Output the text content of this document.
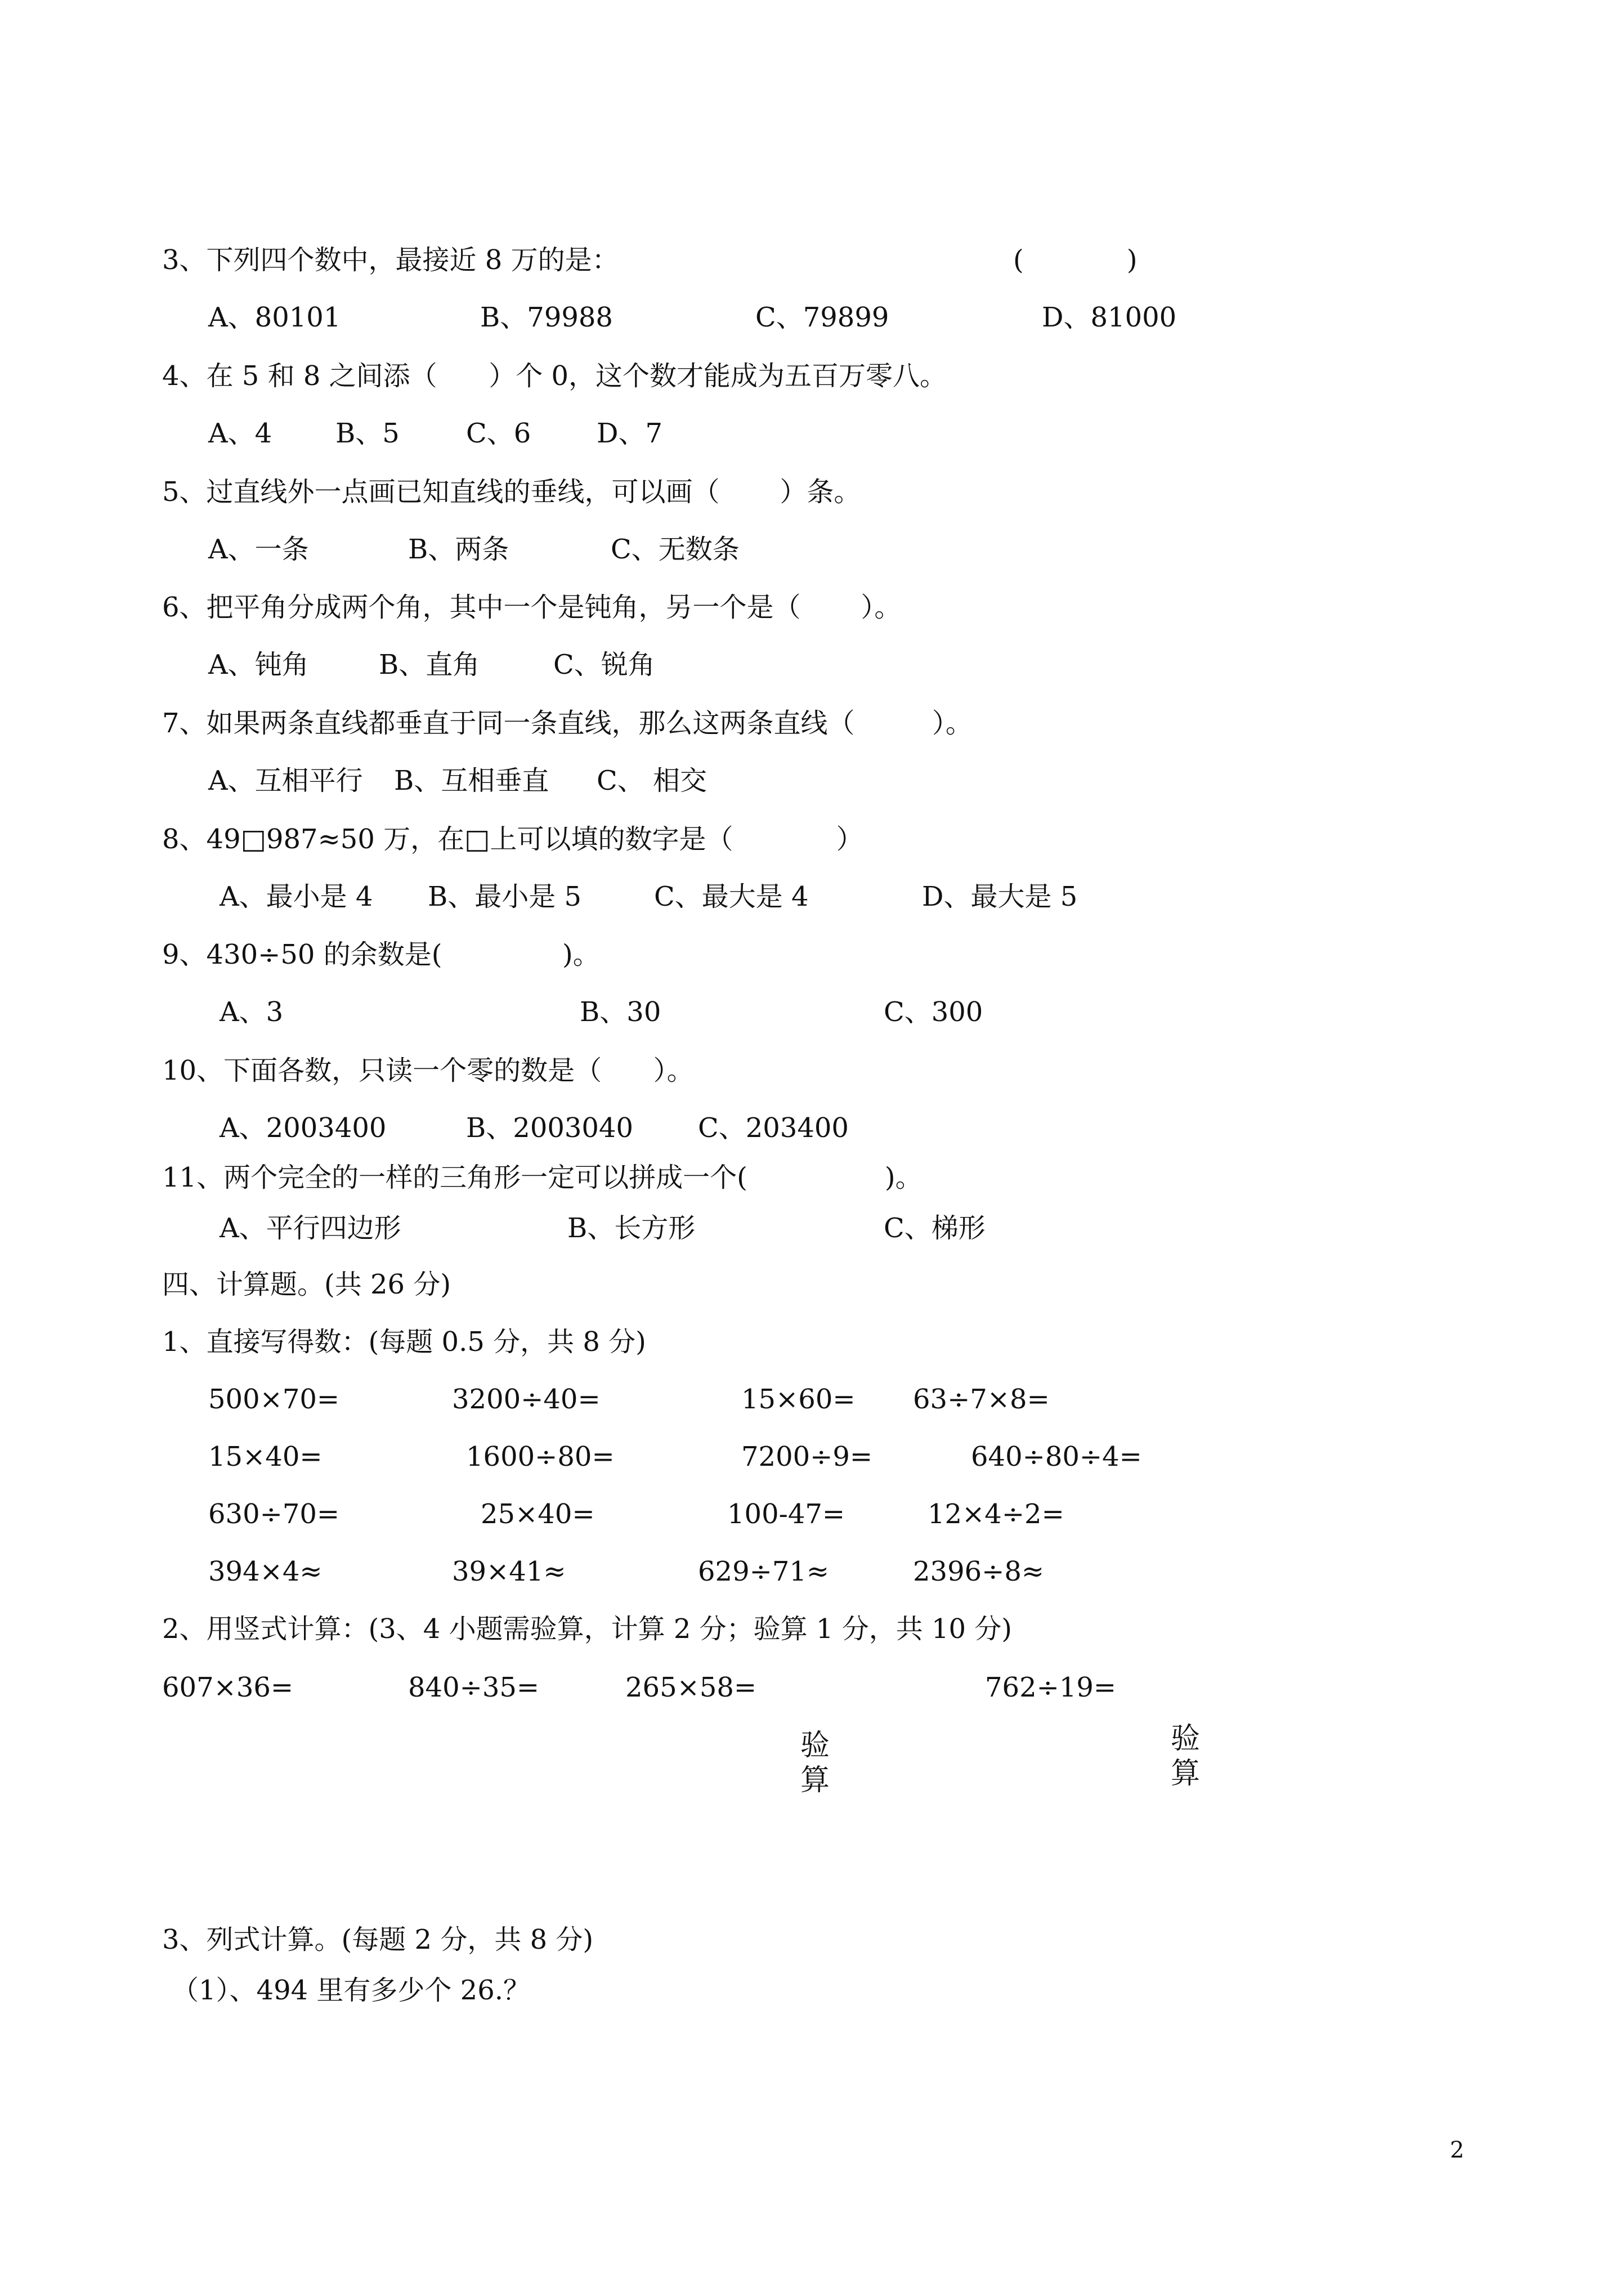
3、下列四个数中，最接近 8 万的是：	(            )
A、80101	B、79988	C、79899	D、81000
4、在 5 和 8 之间添（      ）个 0，这个数才能成为五百万零八。
A、4 B、5 C、6 D、7
5、过直线外一点画已知直线的垂线，可以画（       ）条。
A、一条	B、两条	C、无数条
6、把平角分成两个角，其中一个是钝角，另一个是（       ）。
A、钝角	B、直角	C、锐角
7、如果两条直线都垂直于同一条直线，那么这两条直线（         ）。
A、互相平行 B、互相垂直 C、 相交
8、49□987≈50 万，在□上可以填的数字是（            ）
A、最小是 4 B、最小是 5	C、最大是 4	D、最大是 5
9、430÷50 的余数是(              )。
A、3	B、30	C、300
10、下面各数，只读一个零的数是（      ）。
A、2003400	B、2003040 C、203400
11、两个完全的一样的三角形一定可以拼成一个(                )。
A、平行四边形	B、长方形	C、梯形
四、计算题。(共 26 分)
1、直接写得数：(每题 0.5 分，共 8 分)
500×70=	3200÷40=	15×60= 63÷7×8=
15×40=	1600÷80=	7200÷9=	640÷80÷4=
630÷70=	25×40=	100-47=	12×4÷2=
394×4≈	39×41≈	629÷71≈	2396÷8≈
2、用竖式计算：(3、4 小题需验算，计算 2 分；验算 1 分，共 10 分)
607×36=	840÷35=	265×58=	762÷19=
验
算
验
算
3、列式计算。(每题 2 分，共 8 分)
（1）、494 里有多少个 26.？
2
